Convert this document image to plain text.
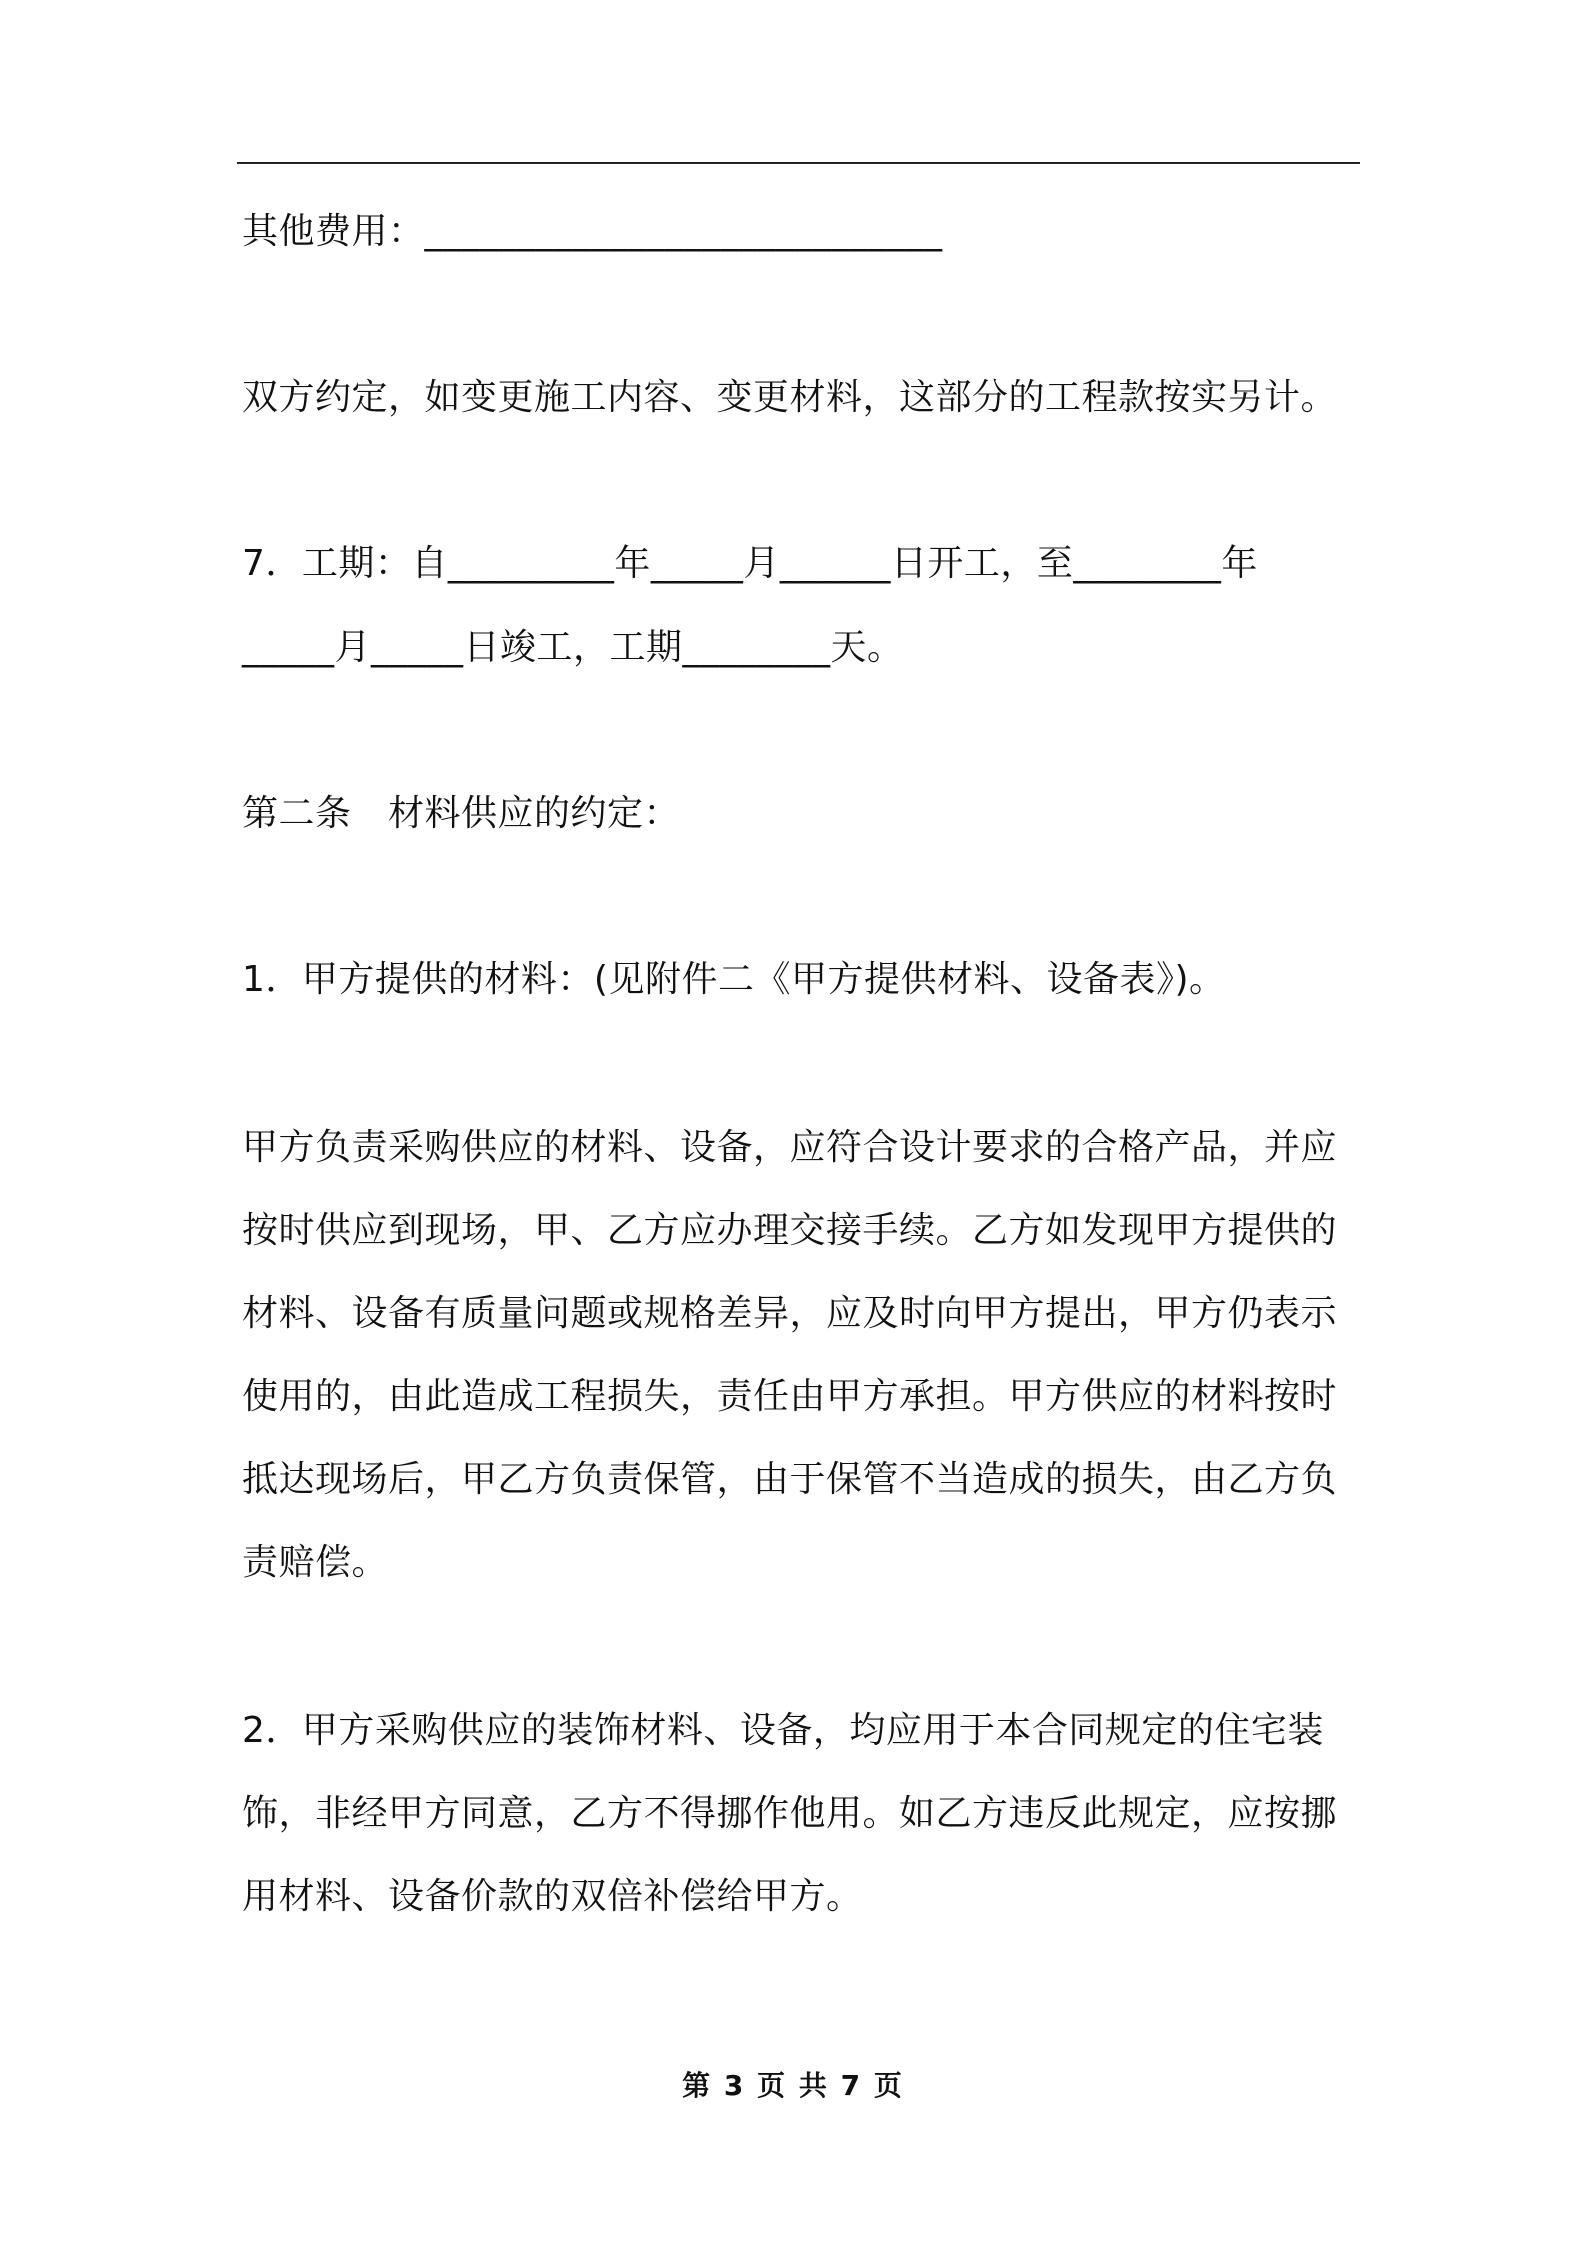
其他费用：____________________________
双方约定，如变更施工内容、变更材料，这部分的工程款按实另计。
7．工期：自_________年_____月______日开工，至________年
_____月_____日竣工，工期________天。
第二条　材料供应的约定：
1．甲方提供的材料：(见附件二《甲方提供材料、设备表》)。
甲方负责采购供应的材料、设备，应符合设计要求的合格产品，并应
按时供应到现场，甲、乙方应办理交接手续。乙方如发现甲方提供的
材料、设备有质量问题或规格差异，应及时向甲方提出，甲方仍表示
使用的，由此造成工程损失，责任由甲方承担。甲方供应的材料按时
抵达现场后，甲乙方负责保管，由于保管不当造成的损失，由乙方负
责赔偿。
2．甲方采购供应的装饰材料、设备，均应用于本合同规定的住宅装
饰，非经甲方同意，乙方不得挪作他用。如乙方违反此规定，应按挪
用材料、设备价款的双倍补偿给甲方。
第 3 页 共 7 页
